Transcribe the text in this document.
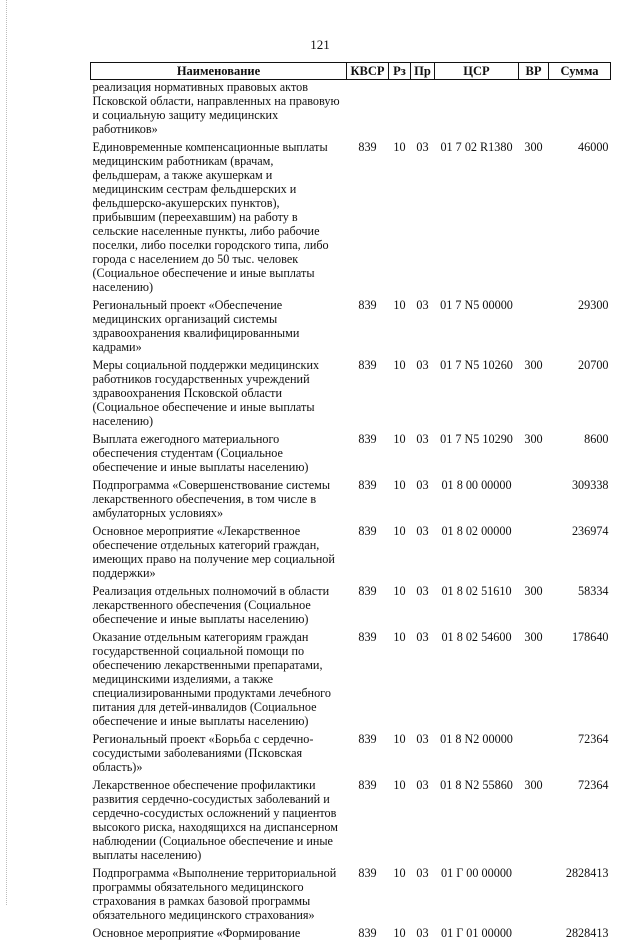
121
Наименование	КВСР	Рз	Пр	ЦСР	ВР	Сумма
реализация нормативных правовых актов Псковской области, направленных на правовую и социальную защиту медицинских работников»						
Единовременные компенсационные выплаты медицинским работникам (врачам, фельдшерам, а также акушеркам и медицинским сестрам фельдшерских и фельдшерско-акушерских пунктов), прибывшим (переехавшим) на работу в сельские населенные пункты, либо рабочие поселки, либо поселки городского типа, либо города с населением до 50 тыс. человек (Социальное обеспечение и иные выплаты населению)	839	10	03	01 7 02 R1380	300	46000
Региональный проект «Обеспечение медицинских организаций системы здравоохранения квалифицированными кадрами»	839	10	03	01 7 N5 00000		29300
Меры социальной поддержки медицинских работников государственных учреждений здравоохранения Псковской области (Социальное обеспечение и иные выплаты населению)	839	10	03	01 7 N5 10260	300	20700
Выплата ежегодного материального обеспечения студентам (Социальное обеспечение и иные выплаты населению)	839	10	03	01 7 N5 10290	300	8600
Подпрограмма «Совершенствование системы лекарственного обеспечения, в том числе в амбулаторных условиях»	839	10	03	01 8 00 00000		309338
Основное мероприятие «Лекарственное обеспечение отдельных категорий граждан, имеющих право на получение мер социальной поддержки»	839	10	03	01 8 02 00000		236974
Реализация отдельных полномочий в области лекарственного обеспечения (Социальное обеспечение и иные выплаты населению)	839	10	03	01 8 02 51610	300	58334
Оказание отдельным категориям граждан государственной социальной помощи по обеспечению лекарственными препаратами, медицинскими изделиями, а также специализированными продуктами лечебного питания для детей-инвалидов (Социальное обеспечение и иные выплаты населению)	839	10	03	01 8 02 54600	300	178640
Региональный проект «Борьба с сердечно-сосудистыми заболеваниями (Псковская область)»	839	10	03	01 8 N2 00000		72364
Лекарственное обеспечение профилактики развития сердечно-сосудистых заболеваний и сердечно-сосудистых осложнений у пациентов высокого риска, находящихся на диспансерном наблюдении (Социальное обеспечение и иные выплаты населению)	839	10	03	01 8 N2 55860	300	72364
Подпрограмма «Выполнение территориальной программы обязательного медицинского страхования в рамках базовой программы обязательного медицинского страхования»	839	10	03	01 Г 00 00000		2828413
Основное мероприятие «Формирование	839	10	03	01 Г 01 00000		2828413
